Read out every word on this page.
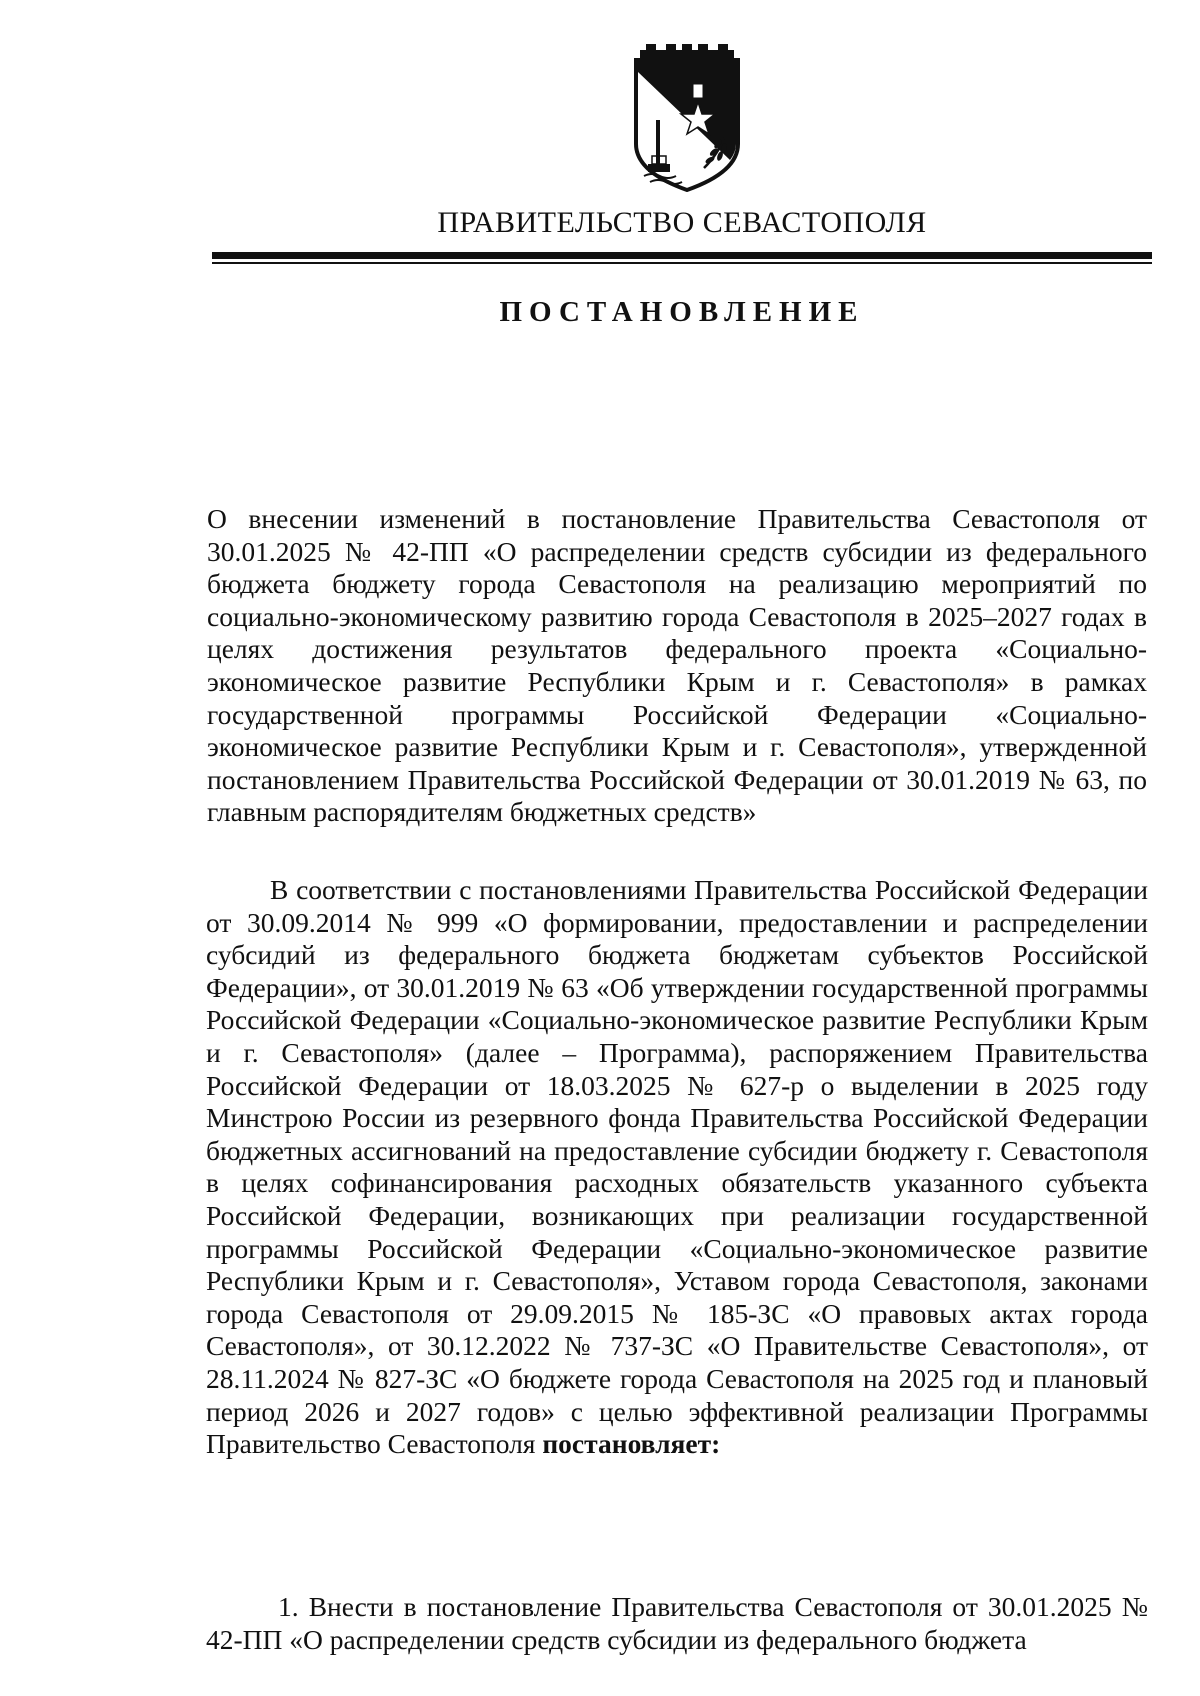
ПРАВИТЕЛЬСТВО СЕВАСТОПОЛЯ
ПОСТАНОВЛЕНИЕ

О внесении изменений в постановление Правительства Севастополя от 30.01.2025 № 42-ПП «О распределении средств субсидии из федерального бюджета бюджету города Севастополя на реализацию мероприятий по социально-экономическому развитию города Севастополя в 2025–2027 годах в целях достижения результатов федерального проекта «Социально-экономическое развитие Республики Крым и г. Севастополя» в рамках государственной программы Российской Федерации «Социально-экономическое развитие Республики Крым и г. Севастополя», утвержденной постановлением Правительства Российской Федерации от 30.01.2019 № 63, по главным распорядителям бюджетных средств»

В соответствии с постановлениями Правительства Российской Федерации от 30.09.2014 № 999 «О формировании, предоставлении и распределении субсидий из федерального бюджета бюджетам субъектов Российской Федерации», от 30.01.2019 № 63 «Об утверждении государственной программы Российской Федерации «Социально-экономическое развитие Республики Крым и г. Севастополя» (далее – Программа), распоряжением Правительства Российской Федерации от 18.03.2025 № 627-р о выделении в 2025 году Минстрою России из резервного фонда Правительства Российской Федерации бюджетных ассигнований на предоставление субсидии бюджету г. Севастополя в целях софинансирования расходных обязательств указанного субъекта Российской Федерации, возникающих при реализации государственной программы Российской Федерации «Социально-экономическое развитие Республики Крым и г. Севастополя», Уставом города Севастополя, законами города Севастополя от 29.09.2015 № 185-ЗС «О правовых актах города Севастополя», от 30.12.2022 № 737-ЗС «О Правительстве Севастополя», от 28.11.2024 № 827-ЗС «О бюджете города Севастополя на 2025 год и плановый период 2026 и 2027 годов» с целью эффективной реализации Программы Правительство Севастополя постановляет:

1. Внести в постановление Правительства Севастополя от 30.01.2025 № 42-ПП «О распределении средств субсидии из федерального бюджета
